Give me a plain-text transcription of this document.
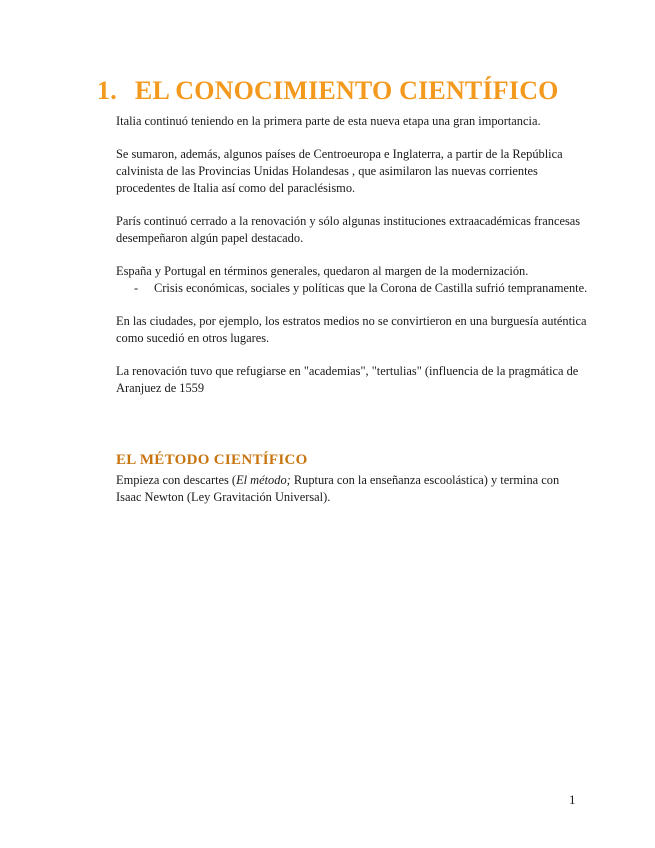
1. EL CONOCIMIENTO CIENTÍFICO

Italia continuó teniendo en la primera parte de esta nueva etapa una gran importancia.

Se sumaron, además, algunos países de Centroeuropa e Inglaterra, a partir de la República calvinista de las Provincias Unidas Holandesas , que asimilaron las nuevas corrientes procedentes de Italia así como del paraclésismo.

París continuó cerrado a la renovación y sólo algunas instituciones extraacadémicas francesas desempeñaron algún papel destacado.

España y Portugal en términos generales, quedaron al margen de la modernización.

- Crisis económicas, sociales y políticas que la Corona de Castilla sufrió tempranamente.

En las ciudades, por ejemplo, los estratos medios no se convirtieron en una burguesía auténtica como sucedió en otros lugares.

La renovación tuvo que refugiarse en "academias", "tertulias" (influencia de la pragmática de Aranjuez de 1559

EL MÉTODO CIENTÍFICO

Empieza con descartes (El método; Ruptura con la enseñanza escoolástica) y termina con Isaac Newton (Ley Gravitación Universal).

1
